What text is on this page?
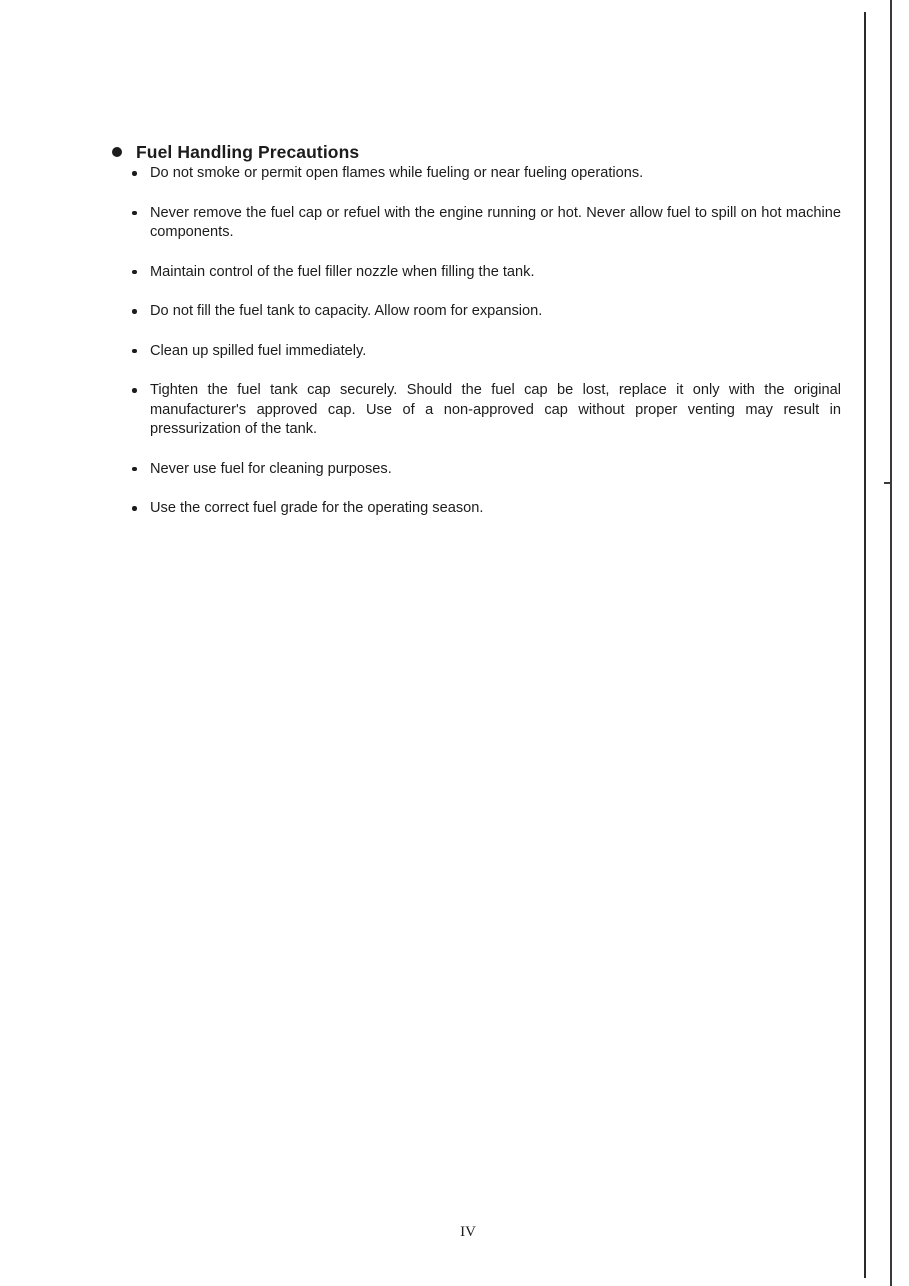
Fuel Handling Precautions
Do not smoke or permit open flames while fueling or near fueling operations.
Never remove the fuel cap or refuel with the engine running or hot. Never allow fuel to spill on hot machine components.
Maintain control of the fuel filler nozzle when filling the tank.
Do not fill the fuel tank to capacity. Allow room for expansion.
Clean up spilled fuel immediately.
Tighten the fuel tank cap securely. Should the fuel cap be lost, replace it only with the original manufacturer's approved cap. Use of a non-approved cap without proper venting may result in pressurization of the tank.
Never use fuel for cleaning purposes.
Use the correct fuel grade for the operating season.
IV
